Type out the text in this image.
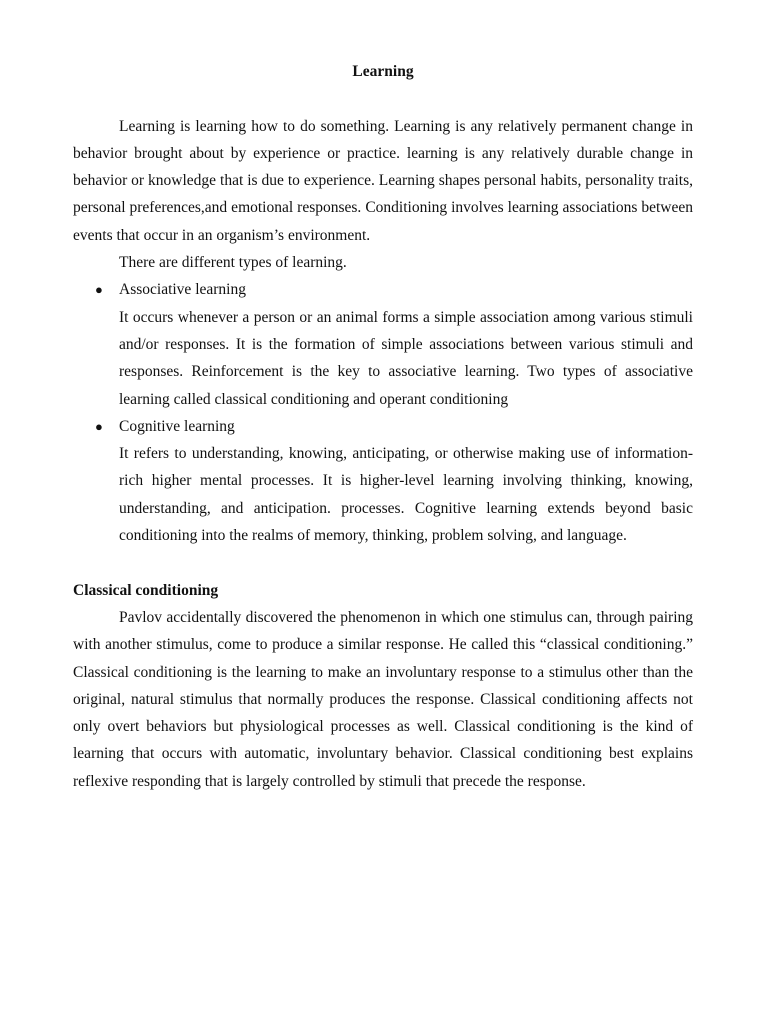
Learning

Learning is learning how to do something. Learning is any relatively permanent change in behavior brought about by experience or practice. learning is any relatively durable change in behavior or knowledge that is due to experience. Learning shapes personal habits, personality traits, personal preferences,and emotional responses. Conditioning involves learning associations between events that occur in an organism’s environment.

There are different types of learning.

● Associative learning

It occurs whenever a person or an animal forms a simple association among various stimuli and/or responses. It is the formation of simple associations between various stimuli and responses. Reinforcement is the key to associative learning. Two types of associative learning called classical conditioning and operant conditioning

● Cognitive learning

It refers to understanding, knowing, anticipating, or otherwise making use of information-rich higher mental processes. It is higher-level learning involving thinking, knowing, understanding, and anticipation. processes. Cognitive learning extends beyond basic conditioning into the realms of memory, thinking, problem solving, and language.

Classical conditioning

Pavlov accidentally discovered the phenomenon in which one stimulus can, through pairing with another stimulus, come to produce a similar response. He called this “classical conditioning.” Classical conditioning is the learning to make an involuntary response to a stimulus other than the original, natural stimulus that normally produces the response. Classical conditioning affects not only overt behaviors but physiological processes as well. Classical conditioning is the kind of learning that occurs with automatic, involuntary behavior. Classical conditioning best explains reflexive responding that is largely controlled by stimuli that precede the response.
